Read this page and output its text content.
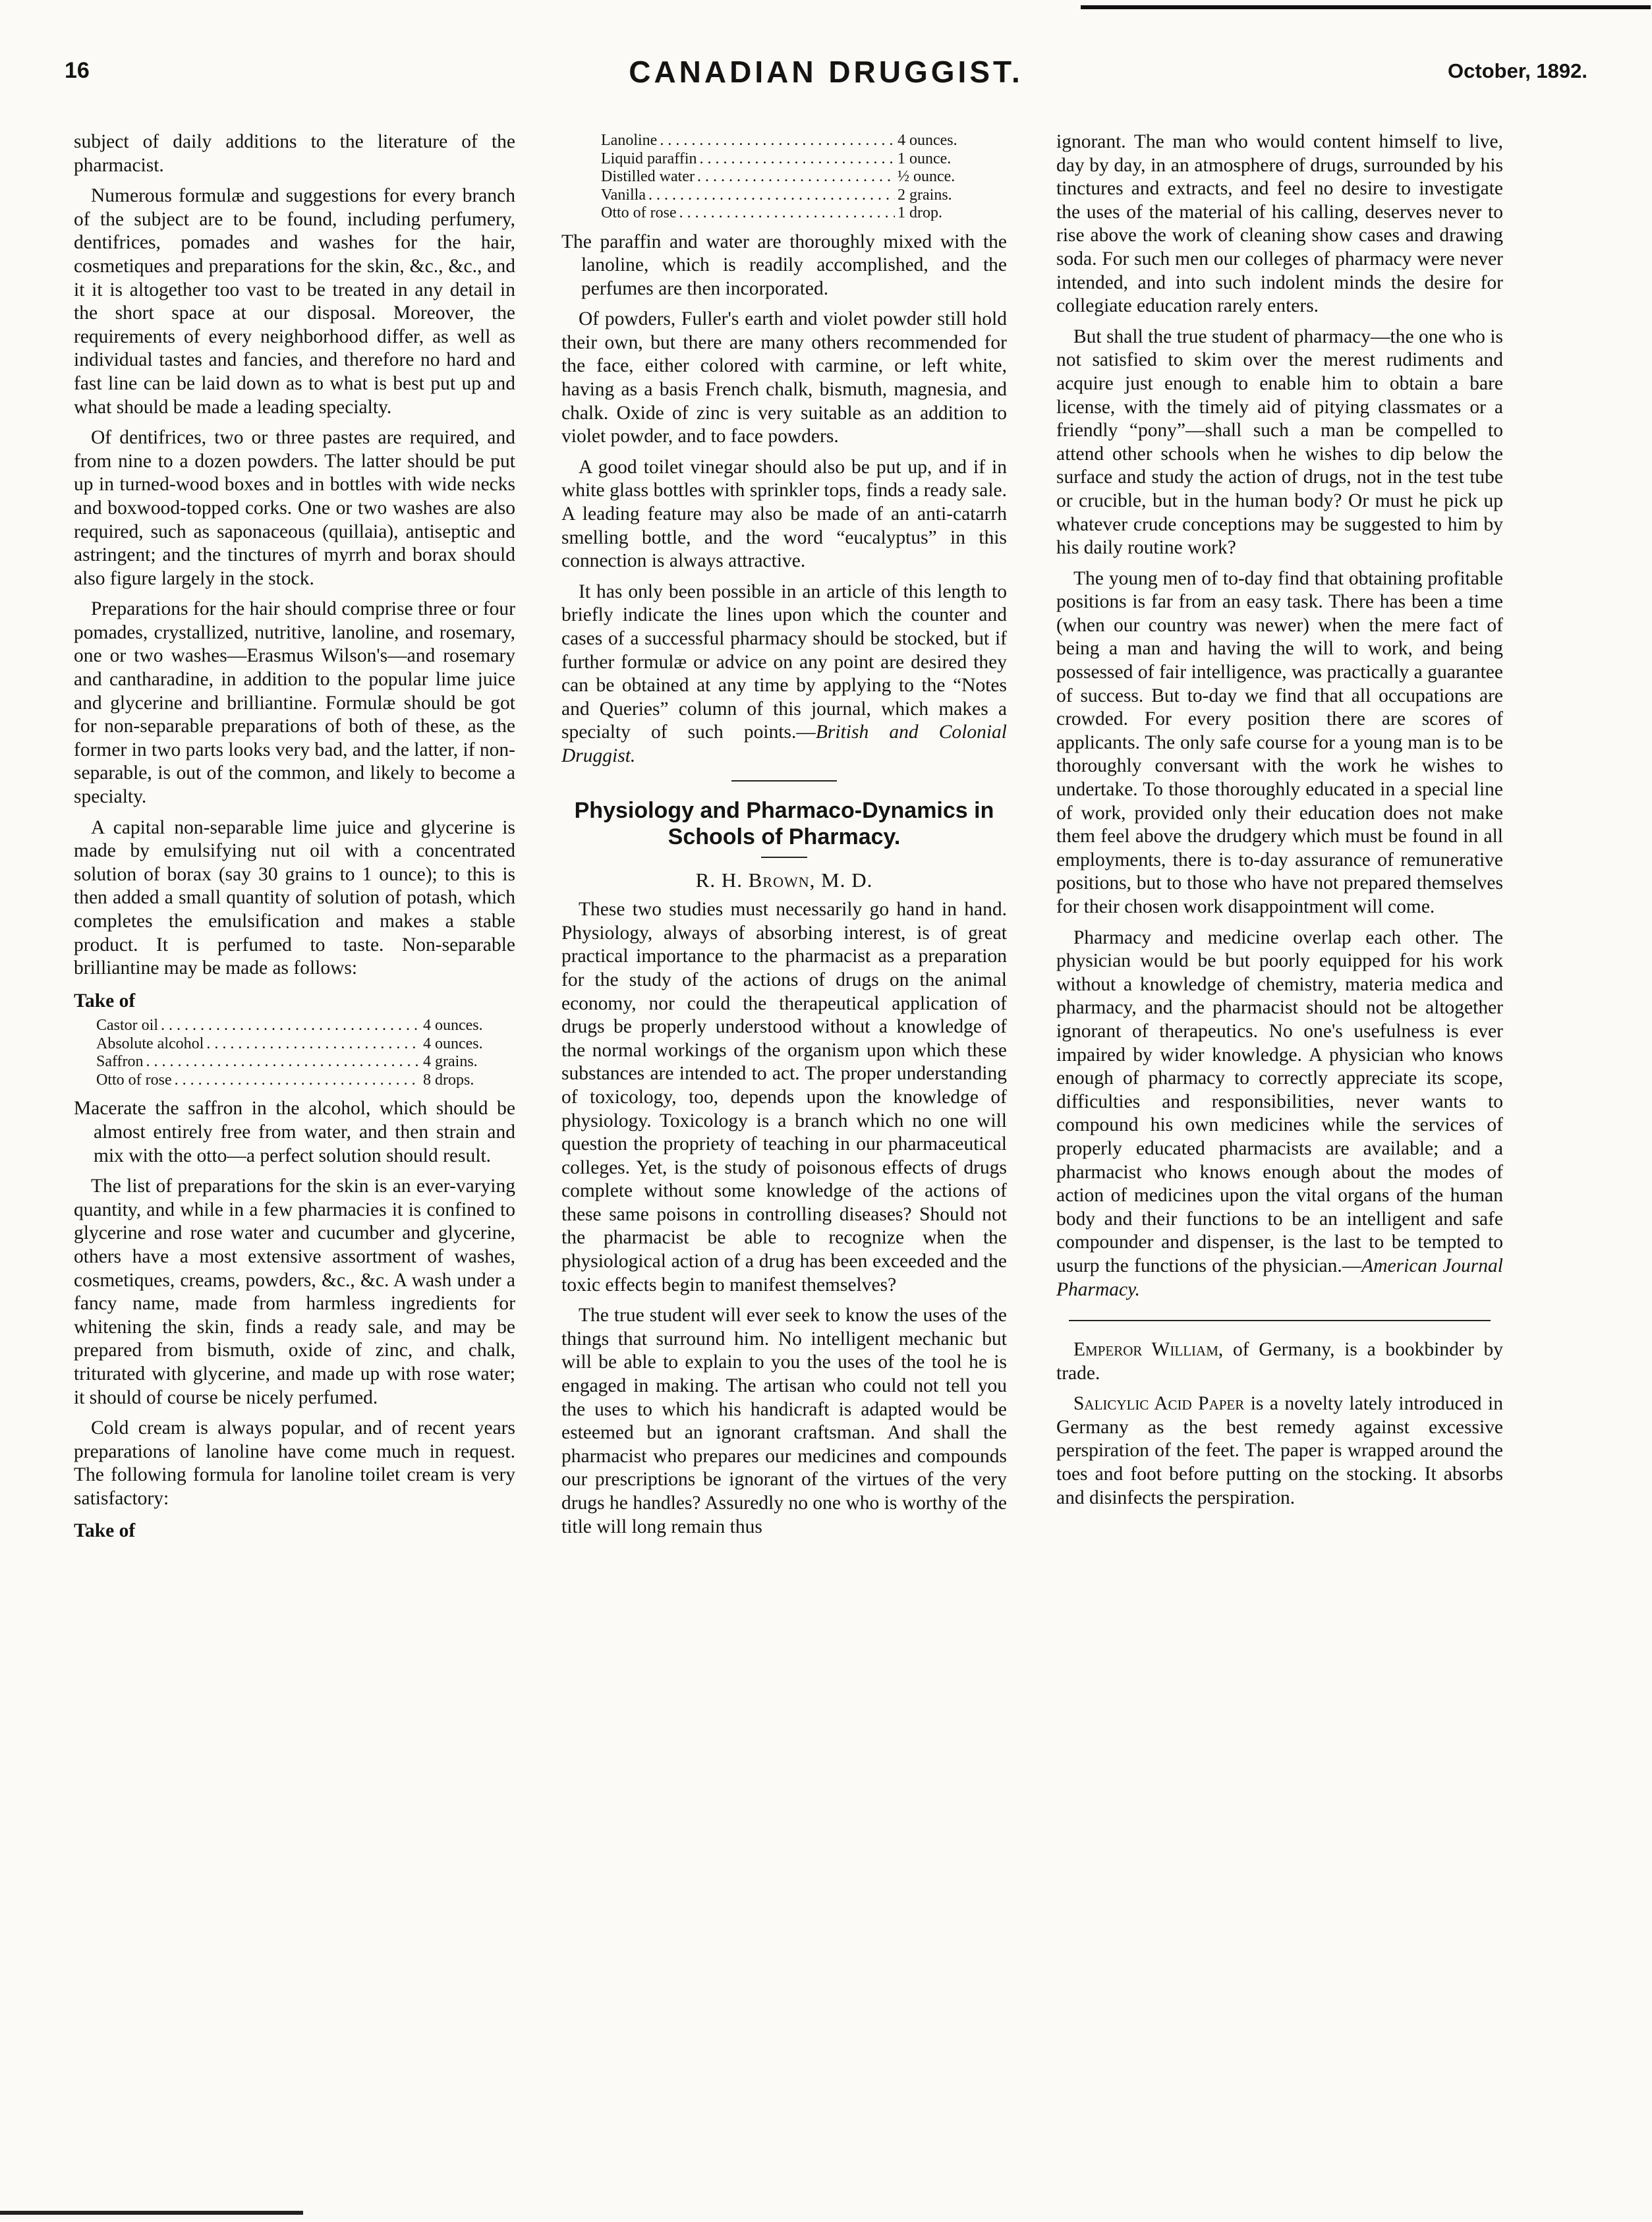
16	CANADIAN DRUGGIST.	October, 1892.

subject of daily additions to the literature of the pharmacist.

Numerous formulæ and suggestions for every branch of the subject are to be found, including perfumery, dentifrices, pomades and washes for the hair, cosmetiques and preparations for the skin, &c., &c., and it it is altogether too vast to be treated in any detail in the short space at our disposal. Moreover, the requirements of every neighborhood differ, as well as individual tastes and fancies, and therefore no hard and fast line can be laid down as to what is best put up and what should be made a leading specialty.

Of dentifrices, two or three pastes are required, and from nine to a dozen powders. The latter should be put up in turned-wood boxes and in bottles with wide necks and boxwood-topped corks. One or two washes are also required, such as saponaceous (quillaia), antiseptic and astringent; and the tinctures of myrrh and borax should also figure largely in the stock.

Preparations for the hair should comprise three or four pomades, crystallized, nutritive, lanoline, and rosemary, one or two washes—Erasmus Wilson's—and rosemary and cantharadine, in addition to the popular lime juice and glycerine and brilliantine. Formulæ should be got for non-separable preparations of both of these, as the former in two parts looks very bad, and the latter, if non-separable, is out of the common, and likely to become a specialty.

A capital non-separable lime juice and glycerine is made by emulsifying nut oil with a concentrated solution of borax (say 30 grains to 1 ounce); to this is then added a small quantity of solution of potash, which completes the emulsification and makes a stable product. It is perfumed to taste. Non-separable brilliantine may be made as follows:

Take of
Castor oil . . .	4 ounces.
Absolute alcohol . . .	4 ounces.
Saffron . . .	4 grains.
Otto of rose . . .	8 drops.

Macerate the saffron in the alcohol, which should be almost entirely free from water, and then strain and mix with the otto—a perfect solution should result.

The list of preparations for the skin is an ever-varying quantity, and while in a few pharmacies it is confined to glycerine and rose water and cucumber and glycerine, others have a most extensive assortment of washes, cosmetiques, creams, powders, &c., &c. A wash under a fancy name, made from harmless ingredients for whitening the skin, finds a ready sale, and may be prepared from bismuth, oxide of zinc, and chalk, triturated with glycerine, and made up with rose water; it should of course be nicely perfumed.

Cold cream is always popular, and of recent years preparations of lanoline have come much in request. The following formula for lanoline toilet cream is very satisfactory:

Take of
Lanoline . . .	4 ounces.
Liquid paraffin . . .	1 ounce.
Distilled water . . .	½ ounce.
Vanilla . . .	2 grains.
Otto of rose . . .	1 drop.

The paraffin and water are thoroughly mixed with the lanoline, which is readily accomplished, and the perfumes are then incorporated.

Of powders, Fuller's earth and violet powder still hold their own, but there are many others recommended for the face, either colored with carmine, or left white, having as a basis French chalk, bismuth, magnesia, and chalk. Oxide of zinc is very suitable as an addition to violet powder, and to face powders.

A good toilet vinegar should also be put up, and if in white glass bottles with sprinkler tops, finds a ready sale. A leading feature may also be made of an anti-catarrh smelling bottle, and the word “eucalyptus” in this connection is always attractive.

It has only been possible in an article of this length to briefly indicate the lines upon which the counter and cases of a successful pharmacy should be stocked, but if further formulæ or advice on any point are desired they can be obtained at any time by applying to the “Notes and Queries” column of this journal, which makes a specialty of such points.—British and Colonial Druggist.

Physiology and Pharmaco-Dynamics in Schools of Pharmacy.
R. H. Brown, M. D.

These two studies must necessarily go hand in hand. Physiology, always of absorbing interest, is of great practical importance to the pharmacist as a preparation for the study of the actions of drugs on the animal economy, nor could the therapeutical application of drugs be properly understood without a knowledge of the normal workings of the organism upon which these substances are intended to act. The proper understanding of toxicology, too, depends upon the knowledge of physiology. Toxicology is a branch which no one will question the propriety of teaching in our pharmaceutical colleges. Yet, is the study of poisonous effects of drugs complete without some knowledge of the actions of these same poisons in controlling diseases? Should not the pharmacist be able to recognize when the physiological action of a drug has been exceeded and the toxic effects begin to manifest themselves?

The true student will ever seek to know the uses of the things that surround him. No intelligent mechanic but will be able to explain to you the uses of the tool he is engaged in making. The artisan who could not tell you the uses to which his handicraft is adapted would be esteemed but an ignorant craftsman. And shall the pharmacist who prepares our medicines and compounds our prescriptions be ignorant of the virtues of the very drugs he handles? Assuredly no one who is worthy of the title will long remain thus

ignorant. The man who would content himself to live, day by day, in an atmosphere of drugs, surrounded by his tinctures and extracts, and feel no desire to investigate the uses of the material of his calling, deserves never to rise above the work of cleaning show cases and drawing soda. For such men our colleges of pharmacy were never intended, and into such indolent minds the desire for collegiate education rarely enters.

But shall the true student of pharmacy—the one who is not satisfied to skim over the merest rudiments and acquire just enough to enable him to obtain a bare license, with the timely aid of pitying classmates or a friendly “pony”—shall such a man be compelled to attend other schools when he wishes to dip below the surface and study the action of drugs, not in the test tube or crucible, but in the human body? Or must he pick up whatever crude conceptions may be suggested to him by his daily routine work?

The young men of to-day find that obtaining profitable positions is far from an easy task. There has been a time (when our country was newer) when the mere fact of being a man and having the will to work, and being possessed of fair intelligence, was practically a guarantee of success. But to-day we find that all occupations are crowded. For every position there are scores of applicants. The only safe course for a young man is to be thoroughly conversant with the work he wishes to undertake. To those thoroughly educated in a special line of work, provided only their education does not make them feel above the drudgery which must be found in all employments, there is to-day assurance of remunerative positions, but to those who have not prepared themselves for their chosen work disappointment will come.

Pharmacy and medicine overlap each other. The physician would be but poorly equipped for his work without a knowledge of chemistry, materia medica and pharmacy, and the pharmacist should not be altogether ignorant of therapeutics. No one's usefulness is ever impaired by wider knowledge. A physician who knows enough of pharmacy to correctly appreciate its scope, difficulties and responsibilities, never wants to compound his own medicines while the services of properly educated pharmacists are available; and a pharmacist who knows enough about the modes of action of medicines upon the vital organs of the human body and their functions to be an intelligent and safe compounder and dispenser, is the last to be tempted to usurp the functions of the physician.—American Journal Pharmacy.

Emperor William, of Germany, is a bookbinder by trade.

Salicylic Acid Paper is a novelty lately introduced in Germany as the best remedy against excessive perspiration of the feet. The paper is wrapped around the toes and foot before putting on the stocking. It absorbs and disinfects the perspiration.
